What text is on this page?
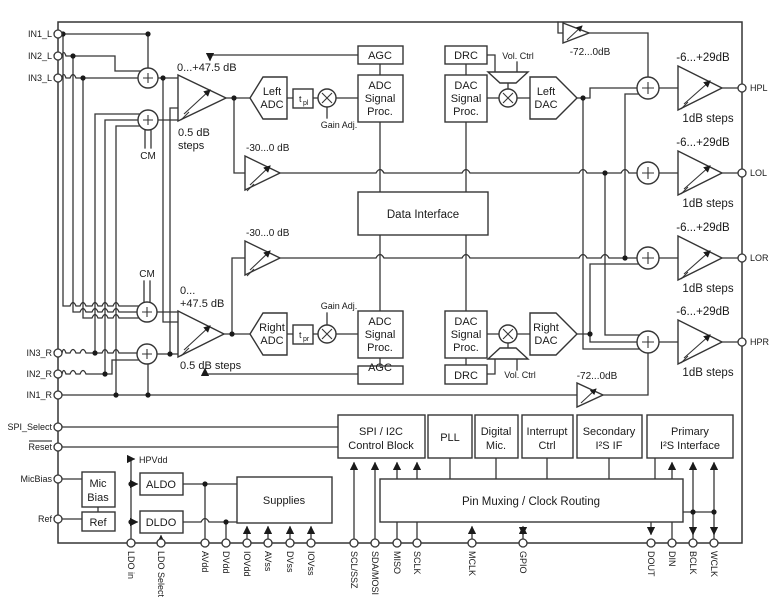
IN1_L
IN2_L
IN3_L
IN3_R
IN2_R
IN1_R
SPI_Select
Reset
MicBias
Ref
HPL
LOL
LOR
HPR
LDO in LDO Select	AVdd DVdd IOVdd AVss DVss IOVss	SCL/SSZ SDA/MOSI MISO SCLK	MCLK	GPIO	DOUT DIN BCLK WCLK
0...+47.5 dB
0.5 dB
steps
0...
+47.5 dB
0.5 dB steps
-30...0 dB
-30...0 dB
-72...0dB
-72...0dB
CM
CM
Gain Adj.
Gain Adj.
Vol. Ctrl
Vol. Ctrl
HPVdd
-6...+29dB
1dB steps
-6...+29dB
1dB steps
-6...+29dB
1dB steps
-6...+29dB
1dB steps
AGC
ADC
Signal
Proc.
DRC
DAC
Signal
Proc.
Left
ADC
Right
ADC
Left
DAC
Right
DAC
t pl
t pr
Data Interface
AGC
ADC
Signal
Proc.
DAC
Signal
Proc.
DRC
SPI / I2C
Control Block
PLL Digital
Mic.
Interrupt
Ctrl
Secondary
I²S IF
Primary
I²S Interface
Pin Muxing / Clock Routing
Mic
Bias
Ref
ALDO
DLDO
Supplies
